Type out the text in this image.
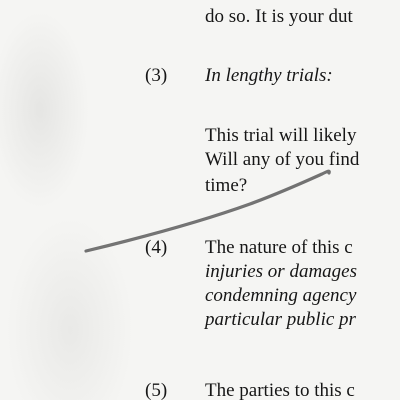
do so. It is your dut
(3) In lengthy trials:
This trial will likely
Will any of you find
time?
(4) The nature of this c
injuries or damages
condemning agency
particular public pr
(5) The parties to this c
